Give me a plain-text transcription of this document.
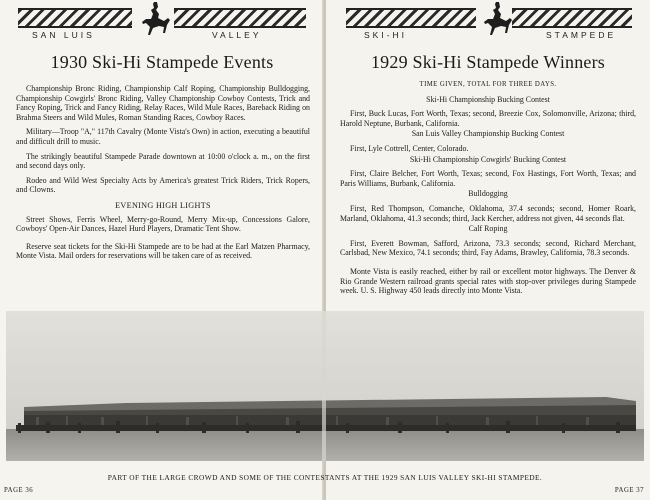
SAN LUIS	VALLEY
1930 Ski-Hi Stampede Events

Championship Bronc Riding, Championship Calf Roping, Championship Bulldogging, Championship Cowgirls' Bronc Riding, Valley Championship Cowboy Contests, Trick and Fancy Roping, Trick and Fancy Riding, Relay Races, Wild Mule Races, Bareback Riding on Brahma Steers and Wild Mules, Roman Standing Races, Cowboy Races.

Military—Troop "A," 117th Cavalry (Monte Vista's Own) in action, executing a beautiful and difficult drill to music.

The strikingly beautiful Stampede Parade downtown at 10:00 o'clock a. m., on the first and second days only.

Rodeo and Wild West Specialty Acts by America's greatest Trick Riders, Trick Ropers, and Clowns.

EVENING HIGH LIGHTS

Street Shows, Ferris Wheel, Merry-go-Round, Merry Mix-up, Concessions Galore, Cowboys' Open-Air Dances, Hazel Hurd Players, Dramatic Tent Show.

Reserve seat tickets for the Ski-Hi Stampede are to be had at the Earl Matzen Pharmacy, Monte Vista. Mail orders for reservations will be taken care of as received.

PAGE 36
SKI-HI	STAMPEDE
1929 Ski-Hi Stampede Winners

TIME GIVEN, TOTAL FOR THREE DAYS.

Ski-Hi Championship Bucking Contest

First, Buck Lucas, Fort Worth, Texas; second, Breezie Cox, Solomonville, Arizona; third, Harold Neptune, Burbank, California.

San Luis Valley Championship Bucking Contest

First, Lyle Cottrell, Center, Colorado.

Ski-Hi Championship Cowgirls' Bucking Contest

First, Claire Belcher, Fort Worth, Texas; second, Fox Hastings, Fort Worth, Texas; and Paris Williams, Burbank, California.

Bulldogging

First, Red Thompson, Comanche, Oklahoma, 37.4 seconds; second, Homer Roark, Marland, Oklahoma, 41.3 seconds; third, Jack Kercher, address not given, 44 seconds flat.

Calf Roping

First, Everett Bowman, Safford, Arizona, 73.3 seconds; second, Richard Merchant, Carlsbad, New Mexico, 74.1 seconds; third, Fay Adams, Brawley, California, 78.3 seconds.

Monte Vista is easily reached, either by rail or excellent motor highways. The Denver & Rio Grande Western railroad grants special rates with stop-over privileges during Stampede week. U. S. Highway 450 leads directly into Monte Vista.

PAGE 37
PART OF THE LARGE CROWD AND SOME OF THE CONTESTANTS AT THE 1929 SAN LUIS VALLEY SKI-HI STAMPEDE.
